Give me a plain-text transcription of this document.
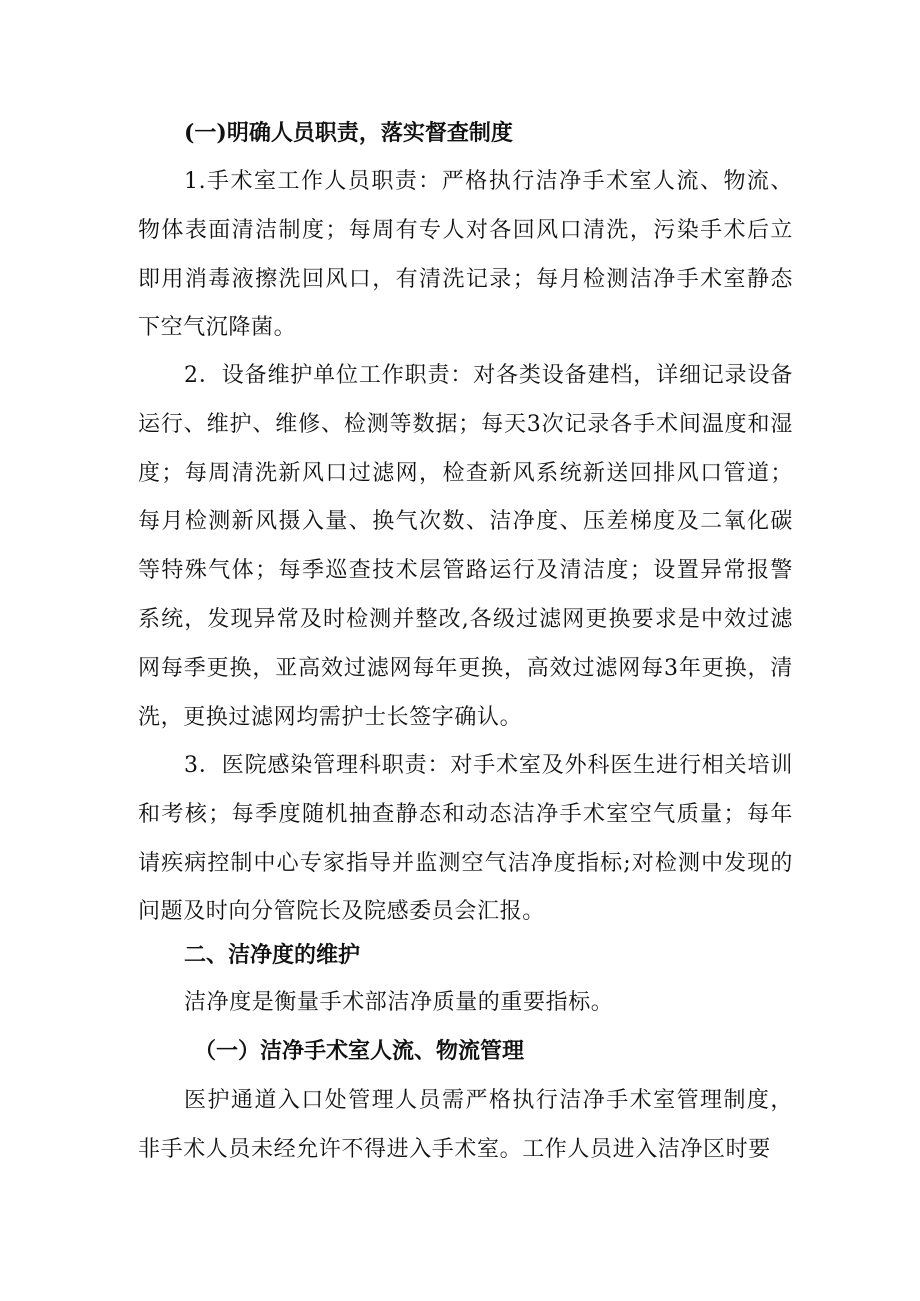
(一)明确人员职责，落实督查制度
1.手术室工作人员职责：严格执行洁净手术室人流、物流、物体表面清洁制度；每周有专人对各回风口清洗，污染手术后立即用消毒液擦洗回风口，有清洗记录；每月检测洁净手术室静态下空气沉降菌。
2．设备维护单位工作职责：对各类设备建档，详细记录设备运行、维护、维修、检测等数据；每天3次记录各手术间温度和湿度；每周清洗新风口过滤网，检查新风系统新送回排风口管道；每月检测新风摄入量、换气次数、洁净度、压差梯度及二氧化碳等特殊气体；每季巡查技术层管路运行及清洁度；设置异常报警系统，发现异常及时检测并整改,各级过滤网更换要求是中效过滤网每季更换，亚高效过滤网每年更换，高效过滤网每3年更换，清洗，更换过滤网均需护士长签字确认。
3．医院感染管理科职责：对手术室及外科医生进行相关培训和考核；每季度随机抽查静态和动态洁净手术室空气质量；每年请疾病控制中心专家指导并监测空气洁净度指标;对检测中发现的问题及时向分管院长及院感委员会汇报。
二、洁净度的维护
洁净度是衡量手术部洁净质量的重要指标。
（一）洁净手术室人流、物流管理
医护通道入口处管理人员需严格执行洁净手术室管理制度，非手术人员未经允许不得进入手术室。工作人员进入洁净区时要
